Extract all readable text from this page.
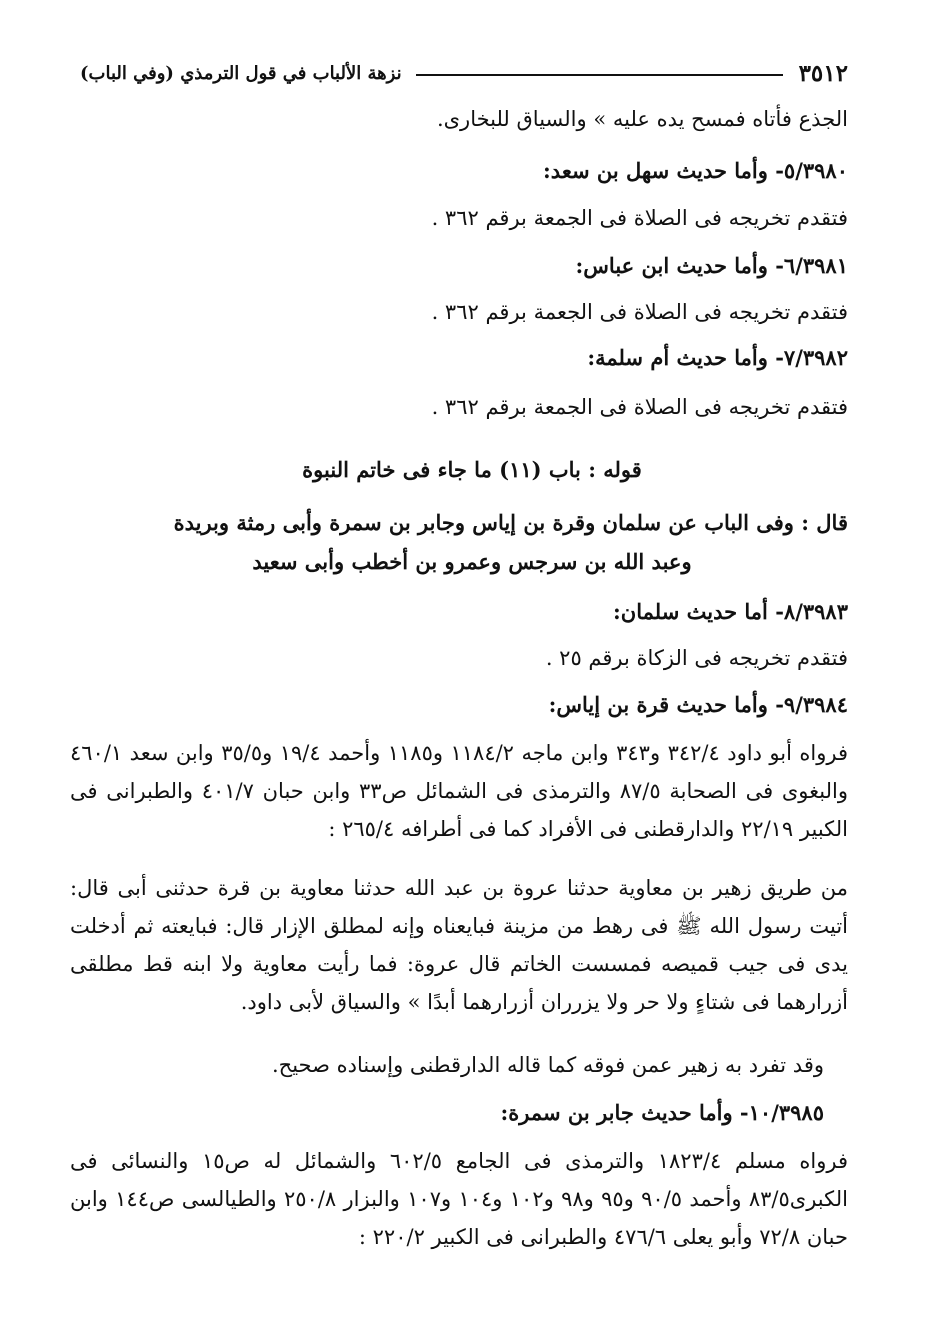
٣٥١٢
نزهة الألباب في قول الترمذي (وفي الباب)
الجذع فأتاه فمسح يده عليه » والسياق للبخارى.
٥/٣٩٨٠- وأما حديث سهل بن سعد:
فتقدم تخريجه فى الصلاة فى الجمعة برقم ٣٦٢ .
٦/٣٩٨١- وأما حديث ابن عباس:
فتقدم تخريجه فى الصلاة فى الجعمة برقم ٣٦٢ .
٧/٣٩٨٢- وأما حديث أم سلمة:
فتقدم تخريجه فى الصلاة فى الجمعة برقم ٣٦٢ .
قوله : باب (١١) ما جاء فى خاتم النبوة
قال : وفى الباب عن سلمان وقرة بن إياس وجابر بن سمرة وأبى رمثة وبريدة
وعبد الله بن سرجس وعمرو بن أخطب وأبى سعيد
٨/٣٩٨٣- أما حديث سلمان:
فتقدم تخريجه فى الزكاة برقم ٢٥ .
٩/٣٩٨٤- وأما حديث قرة بن إياس:
فرواه أبو داود ٣٤٢/٤ و٣٤٣ وابن ماجه ١١٨٤/٢ و١١٨٥ وأحمد ١٩/٤ و٣٥/٥ وابن سعد ٤٦٠/١ والبغوى فى الصحابة ٨٧/٥ والترمذى فى الشمائل ص٣٣ وابن حبان ٤٠١/٧ والطبرانى فى الكبير ٢٢/١٩ والدارقطنى فى الأفراد كما فى أطرافه ٢٦٥/٤ :
من طريق زهير بن معاوية حدثنا عروة بن عبد الله حدثنا معاوية بن قرة حدثنى أبى قال: أتيت رسول الله ﷺ فى رهط من مزينة فبايعناه وإنه لمطلق الإزار قال: فبايعته ثم أدخلت يدى فى جيب قميصه فمسست الخاتم قال عروة: فما رأيت معاوية ولا ابنه قط مطلقى أزرارهما فى شتاءٍ ولا حر ولا يزرران أزرارهما أبدًا » والسياق لأبى داود.
وقد تفرد به زهير عمن فوقه كما قاله الدارقطنى وإسناده صحيح.
١٠/٣٩٨٥- وأما حديث جابر بن سمرة:
فرواه مسلم ١٨٢٣/٤ والترمذى فى الجامع ٦٠٢/٥ والشمائل له ص١٥ والنسائى فى الكبرى٨٣/٥ وأحمد ٩٠/٥ و٩٥ و٩٨ و١٠٢ و١٠٤ و١٠٧ والبزار ٢٥٠/٨ والطيالسى ص١٤٤ وابن حبان ٧٢/٨ وأبو يعلى ٤٧٦/٦ والطبرانى فى الكبير ٢٢٠/٢ :
